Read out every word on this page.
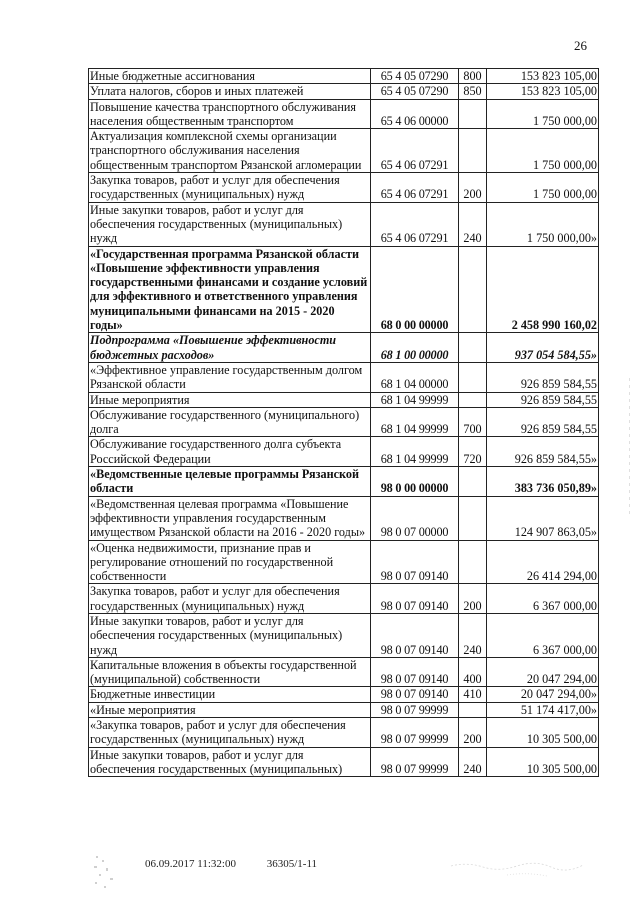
26
Иные бюджетные ассигнования	65 4 05 07290	800	153 823 105,00
Уплата налогов, сборов и иных платежей	65 4 05 07290	850	153 823 105,00
Повышение качества транспортного обслуживания населения общественным транспортом	65 4 06 00000		1 750 000,00
Актуализация комплексной схемы организации транспортного обслуживания населения общественным транспортом Рязанской агломерации	65 4 06 07291		1 750 000,00
Закупка товаров, работ и услуг для обеспечения государственных (муниципальных) нужд	65 4 06 07291	200	1 750 000,00
Иные закупки товаров, работ и услуг для обеспечения государственных (муниципальных) нужд	65 4 06 07291	240	1 750 000,00»
«Государственная программа Рязанской области «Повышение эффективности управления государственными финансами и создание условий для эффективного и ответственного управления муниципальными финансами на 2015 - 2020 годы»	68 0 00 00000		2 458 990 160,02
Подпрограмма «Повышение эффективности бюджетных расходов»	68 1 00 00000		937 054 584,55»
«Эффективное управление государственным долгом Рязанской области	68 1 04 00000		926 859 584,55
Иные мероприятия	68 1 04 99999		926 859 584,55
Обслуживание государственного (муниципального) долга	68 1 04 99999	700	926 859 584,55
Обслуживание государственного долга субъекта Российской Федерации	68 1 04 99999	720	926 859 584,55»
«Ведомственные целевые программы Рязанской области	98 0 00 00000		383 736 050,89»
«Ведомственная целевая программа «Повышение эффективности управления государственным имуществом Рязанской области на 2016 - 2020 годы»	98 0 07 00000		124 907 863,05»
«Оценка недвижимости, признание прав и регулирование отношений по государственной собственности	98 0 07 09140		26 414 294,00
Закупка товаров, работ и услуг для обеспечения государственных (муниципальных) нужд	98 0 07 09140	200	6 367 000,00
Иные закупки товаров, работ и услуг для обеспечения государственных (муниципальных) нужд	98 0 07 09140	240	6 367 000,00
Капитальные вложения в объекты государственной (муниципальной) собственности	98 0 07 09140	400	20 047 294,00
Бюджетные инвестиции	98 0 07 09140	410	20 047 294,00»
«Иные мероприятия	98 0 07 99999		51 174 417,00»
«Закупка товаров, работ и услуг для обеспечения государственных (муниципальных) нужд	98 0 07 99999	200	10 305 500,00
Иные закупки товаров, работ и услуг для обеспечения государственных (муниципальных)	98 0 07 99999	240	10 305 500,00
06.09.2017 11:32:00	36305/1-11
